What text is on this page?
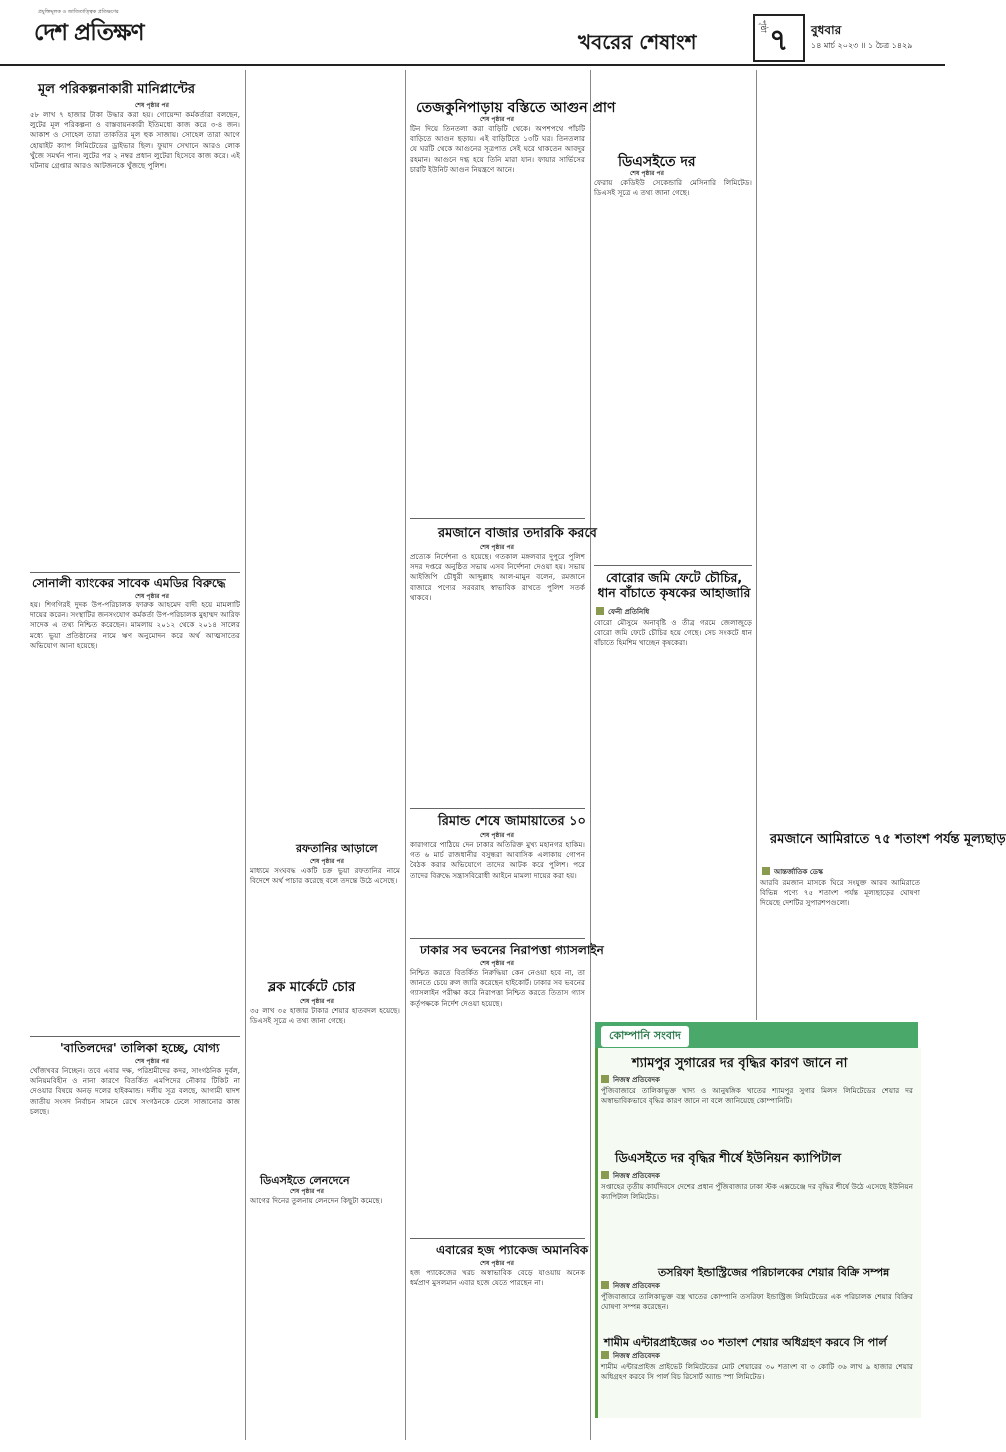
প্রযুক্তিমূলক ও জাতিতাত্ত্বিক প্রতিক্ষণের
দেশ প্রতিক্ষণ	খবরের শেষাংশ
পৃষ্ঠা ৭ বুধবার
১৪ মার্চ ২০২৩ ॥ ১ চৈত্র ১৪২৯
মূল পরিকল্পনাকারী মানিপ্লান্টের
শেষ পৃষ্ঠার পর
৫৮ লাখ ৭ হাজার টাকা উদ্ধার করা হয়। গোয়েন্দা কর্মকর্তারা বলছেন, লুটের মূল পরিকল্পনা ও বাস্তবায়নকারী ইতিমধ্যে কাজ করে ৩-৪ জন। আকাশ ও সোহেল তারা তাকতির মূল হুক সাজায়। সোহেল তারা আগে হোয়াইট ক্যাপ লিমিটেডের ড্রাইভার ছিল। ফুয়াদ সেখানে আরও লোক খুঁজে সমর্থন পান। লুটের পর ২ নম্বর প্রধান লুটেরা হিসেবে কাজ করে। এই ঘটনায় গ্রেপ্তার আরও আটজনকে খুঁজছে পুলিশ।
সোনালী ব্যাংকের সাবেক এমডির বিরুদ্ধে
শেষ পৃষ্ঠার পর
হয়। শিগগিরই দুদক উপ-পরিচালক ফারুক আহমেদ বাদী হয়ে মামলাটি দায়ের করেন। সংস্থাটির জনসংযোগ কর্মকর্তা উপ-পরিচালক মুহাম্মদ আরিফ সাদেক এ তথ্য নিশ্চিত করেছেন। মামলায় ২০১২ থেকে ২০১৪ সালের মধ্যে ভুয়া প্রতিষ্ঠানের নামে ঋণ অনুমোদন করে অর্থ আত্মসাতের অভিযোগ আনা হয়েছে।
'বাতিলদের' তালিকা হচ্ছে, যোগ্য
শেষ পৃষ্ঠার পর
খোঁজখবর নিচ্ছেন। তবে এবার দক্ষ, পরিশ্রমীদের কদর, সাংগঠনিক দুর্বল, অনিয়মবিহীন ও নানা কারণে বিতর্কিত এমপিদের নৌকার টিকিট না দেওয়ার বিষয়ে অনড় দলের হাইকমান্ড। দলীয় সূত্র বলছে, আগামী দ্বাদশ জাতীয় সংসদ নির্বাচন সামনে রেখে সংগঠনকে ঢেলে সাজানোর কাজ চলছে।
রফতানির আড়ালে
শেষ পৃষ্ঠার পর
মাধ্যমে সংঘবদ্ধ একটি চক্র ভুয়া রফতানির নামে বিদেশে অর্থ পাচার করেছে বলে তদন্তে উঠে এসেছে।
ব্লক মার্কেটে চোর
শেষ পৃষ্ঠার পর
৩৫ লাখ ৩৫ হাজার টাকার শেয়ার হাতবদল হয়েছে। ডিএসই সূত্রে এ তথ্য জানা গেছে।
ডিএসইতে লেনদেনে
শেষ পৃষ্ঠার পর
আগের দিনের তুলনায় লেনদেন কিছুটা কমেছে।
তেজকুনিপাড়ায় বস্তিতে আগুন প্রাণ
শেষ পৃষ্ঠার পর
টিন দিয়ে তিনতলা করা বাড়িটি থেকে। অপশপথে পাঁচটি বাড়িতে আগুন ছড়ায়। এই বাড়িটিতে ১৩টি ঘর। তিনতলার যে ঘরটি থেকে আগুনের সূত্রপাত সেই ঘরে থাকতেন আবদুর রহমান। আগুনে দগ্ধ হয়ে তিনি মারা যান। ফায়ার সার্ভিসের চারটি ইউনিট আগুন নিয়ন্ত্রণে আনে।
রমজানে বাজার তদারকি করবে
শেষ পৃষ্ঠার পর
প্রত্যেক নির্দেশনা ও হয়েছে। গতকাল মঙ্গলবার দুপুরে পুলিশ সদর দপ্তরে অনুষ্ঠিত সভায় এসব নির্দেশনা দেওয়া হয়। সভায় আইজিপি চৌধুরী আব্দুল্লাহ আল-মামুন বলেন, রমজানে বাজারে পণ্যের সরবরাহ স্বাভাবিক রাখতে পুলিশ সতর্ক থাকবে।
রিমান্ড শেষে জামায়াতের ১০
শেষ পৃষ্ঠার পর
কারাগারে পাঠিয়ে দেন ঢাকার অতিরিক্ত মুখ্য মহানগর হাকিম। গত ৬ মার্চ রাজধানীর বসুন্ধরা আবাসিক এলাকায় গোপন বৈঠক করার অভিযোগে তাদের আটক করে পুলিশ। পরে তাদের বিরুদ্ধে সন্ত্রাসবিরোধী আইনে মামলা দায়ের করা হয়।
ঢাকার সব ভবনের নিরাপত্তা গ্যাসলাইন
শেষ পৃষ্ঠার পর
নিশ্চিত করতে বিতর্কিত নিরুদ্ধিয়া কেন নেওয়া হবে না, তা জানতে চেয়ে রুল জারি করেছেন হাইকোর্ট। ঢাকার সব ভবনের গ্যাসলাইন পরীক্ষা করে নিরাপত্তা নিশ্চিত করতে তিতাস গ্যাস কর্তৃপক্ষকে নির্দেশ দেওয়া হয়েছে।
এবারের হজ প্যাকেজ অমানবিক
শেষ পৃষ্ঠার পর
হজ প্যাকেজের খরচ অস্বাভাবিক বেড়ে যাওয়ায় অনেক ধর্মপ্রাণ মুসলমান এবার হজে যেতে পারছেন না।
ডিএসইতে দর
শেষ পৃষ্ঠার পর
ফেরায় কেডিইউ সেকেন্ডারি মেসিনারি লিমিটেড। ডিএসই সূত্রে এ তথ্য জানা গেছে।
বোরোর জমি ফেটে চৌচির, ধান বাঁচাতে কৃষকের আহাজারি
ফেনী প্রতিনিধি
বোরো মৌসুমে অনাবৃষ্টি ও তীব্র গরমে জেলাজুড়ে বোরো জমি ফেটে চৌচির হয়ে গেছে। সেচ সংকটে ধান বাঁচাতে হিমশিম খাচ্ছেন কৃষকেরা।
রমজানে আমিরাতে ৭৫ শতাংশ পর্যন্ত মূল্যছাড়
আন্তর্জাতিক ডেস্ক
আরবি রমজান মাসকে ঘিরে সংযুক্ত আরব আমিরাতে বিভিন্ন পণ্যে ৭৫ শতাংশ পর্যন্ত মূল্যছাড়ের ঘোষণা দিয়েছে দেশটির সুপারশপগুলো।
কোম্পানি সংবাদ
শ্যামপুর সুগারের দর বৃদ্ধির কারণ জানে না
নিজস্ব প্রতিবেদক
পুঁজিবাজারে তালিকাভুক্ত খাদ্য ও আনুষঙ্গিক খাতের শ্যামপুর সুগার মিলস লিমিটেডের শেয়ার দর অস্বাভাবিকভাবে বৃদ্ধির কারণ জানে না বলে জানিয়েছে কোম্পানিটি।
ডিএসইতে দর বৃদ্ধির শীর্ষে ইউনিয়ন ক্যাপিটাল
নিজস্ব প্রতিবেদক
সপ্তাহের তৃতীয় কার্যদিবসে দেশের প্রধান পুঁজিবাজার ঢাকা স্টক এক্সচেঞ্জে দর বৃদ্ধির শীর্ষে উঠে এসেছে ইউনিয়ন ক্যাপিটাল লিমিটেড।
তসরিফা ইন্ডাস্ট্রিজের পরিচালকের শেয়ার বিক্রি সম্পন্ন
নিজস্ব প্রতিবেদক
পুঁজিবাজারে তালিকাভুক্ত বস্ত্র খাতের কোম্পানি তসরিফা ইন্ডাস্ট্রিজ লিমিটেডের এক পরিচালক শেয়ার বিক্রির ঘোষণা সম্পন্ন করেছেন।
শামীম এন্টারপ্রাইজের ৩০ শতাংশ শেয়ার অধিগ্রহণ করবে সি পার্ল
নিজস্ব প্রতিবেদক
শামীম এন্টারপ্রাইজ প্রাইভেট লিমিটেডের মোট শেয়ারের ৩০ শতাংশ বা ৩ কোটি ৩৬ লাখ ৯ হাজার শেয়ার অধিগ্রহণ করবে সি পার্ল বিচ রিসোর্ট অ্যান্ড স্পা লিমিটেড।
